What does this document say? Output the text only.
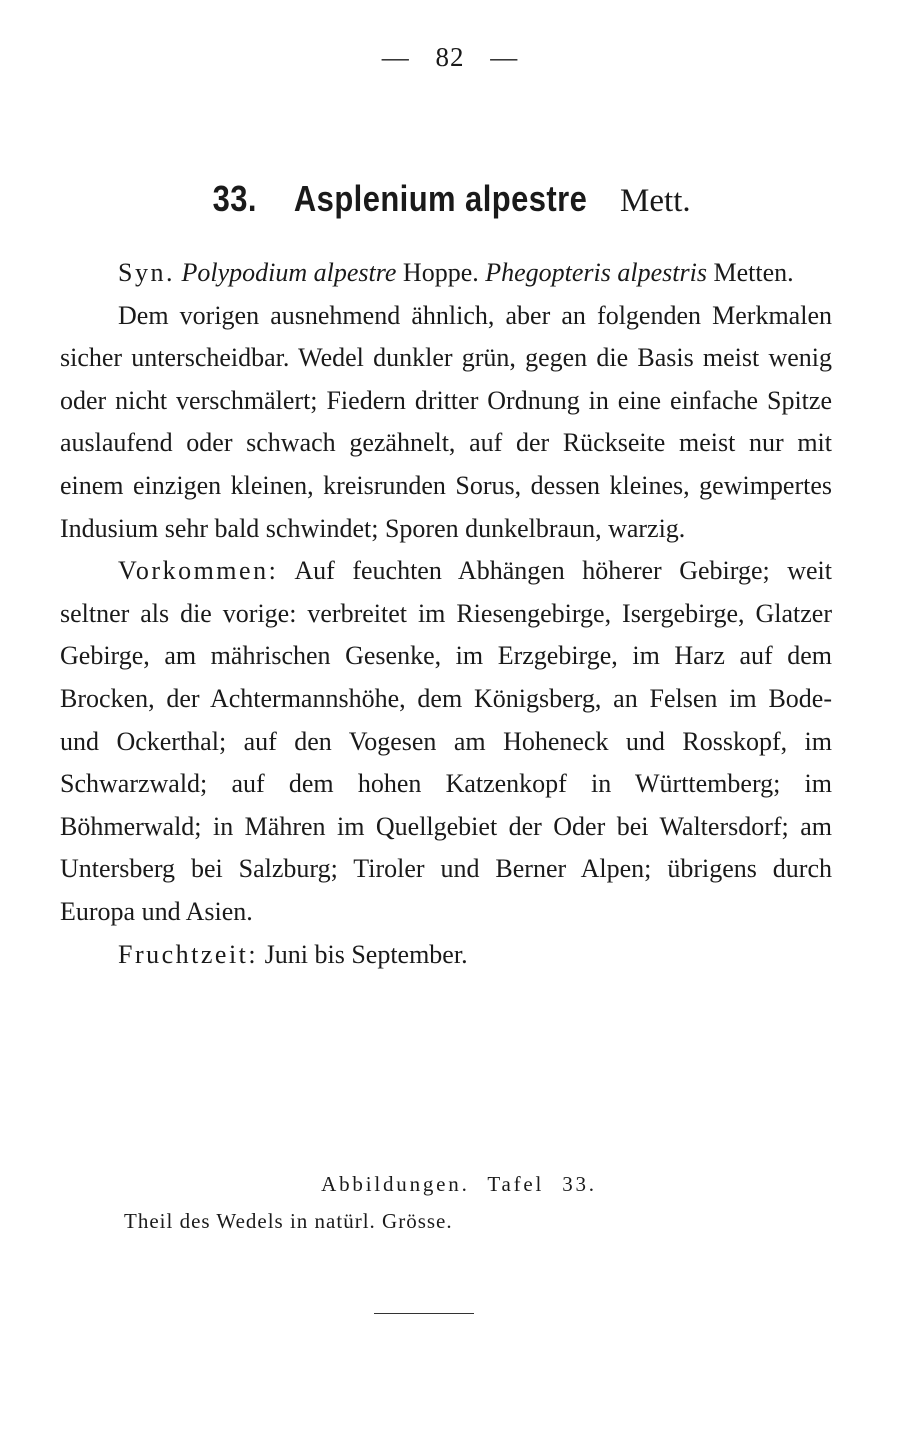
— 82 —
33. Asplenium alpestre Mett.

Syn. Polypodium alpestre Hoppe. Phegopteris alpestris Metten.

Dem vorigen ausnehmend ähnlich, aber an folgenden Merkmalen sicher unterscheidbar. Wedel dunkler grün, gegen die Basis meist wenig oder nicht verschmälert; Fiedern dritter Ordnung in eine einfache Spitze auslaufend oder schwach gezähnelt, auf der Rückseite meist nur mit einem einzigen kleinen, kreisrunden Sorus, dessen kleines, gewimpertes Indusium sehr bald schwindet; Sporen dunkelbraun, warzig.

Vorkommen: Auf feuchten Abhängen höherer Gebirge; weit seltner als die vorige: verbreitet im Riesengebirge, Isergebirge, Glatzer Gebirge, am mährischen Gesenke, im Erzgebirge, im Harz auf dem Brocken, der Achtermannshöhe, dem Königsberg, an Felsen im Bode- und Ockerthal; auf den Vogesen am Hoheneck und Rosskopf, im Schwarzwald; auf dem hohen Katzenkopf in Württemberg; im Böhmerwald; in Mähren im Quellgebiet der Oder bei Waltersdorf; am Untersberg bei Salzburg; Tiroler und Berner Alpen; übrigens durch Europa und Asien.

Fruchtzeit: Juni bis September.

Abbildungen. Tafel 33.
Theil des Wedels in natürl. Grösse.
